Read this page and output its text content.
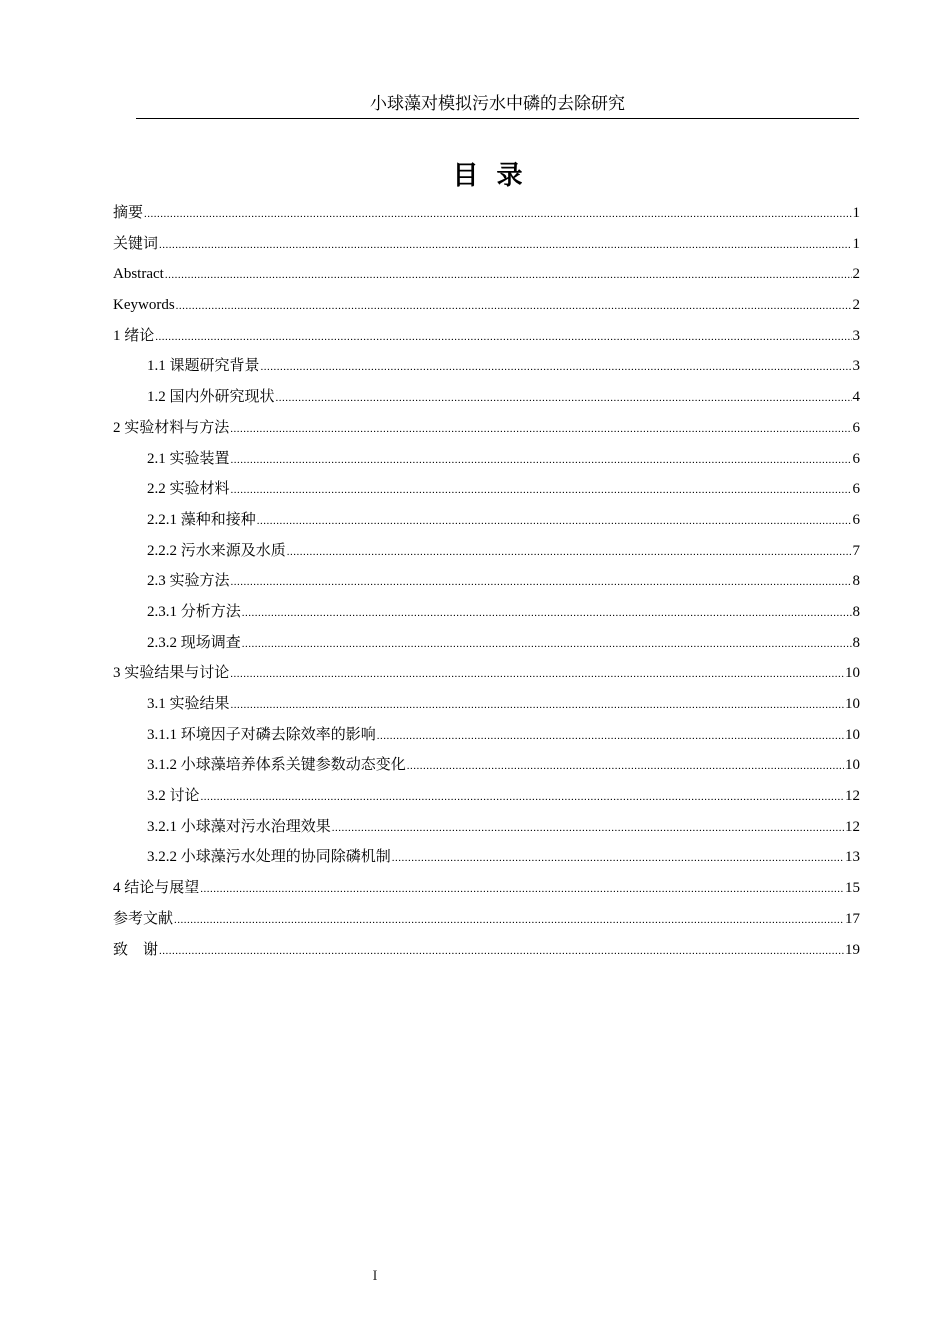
小球藻对模拟污水中磷的去除研究
目  录
摘要 .....	1
关键词 .....	1
Abstract .....	2
Keywords .....	2
1 绪论 .....	3
1.1 课题研究背景 .....	3
1.2 国内外研究现状 .....	4
2 实验材料与方法 .....	6
2.1 实验装置 .....	6
2.2 实验材料 .....	6
2.2.1 藻种和接种 .....	6
2.2.2 污水来源及水质 .....	7
2.3 实验方法 .....	8
2.3.1 分析方法 .....	8
2.3.2 现场调查 .....	8
3 实验结果与讨论 .....	10
3.1 实验结果 .....	10
3.1.1 环境因子对磷去除效率的影响 .....	10
3.1.2 小球藻培养体系关键参数动态变化 .....	10
3.2 讨论 .....	12
3.2.1 小球藻对污水治理效果 .....	12
3.2.2 小球藻污水处理的协同除磷机制 .....	13
4 结论与展望 .....	15
参考文献 .....	17
致    谢 .....	19
I
